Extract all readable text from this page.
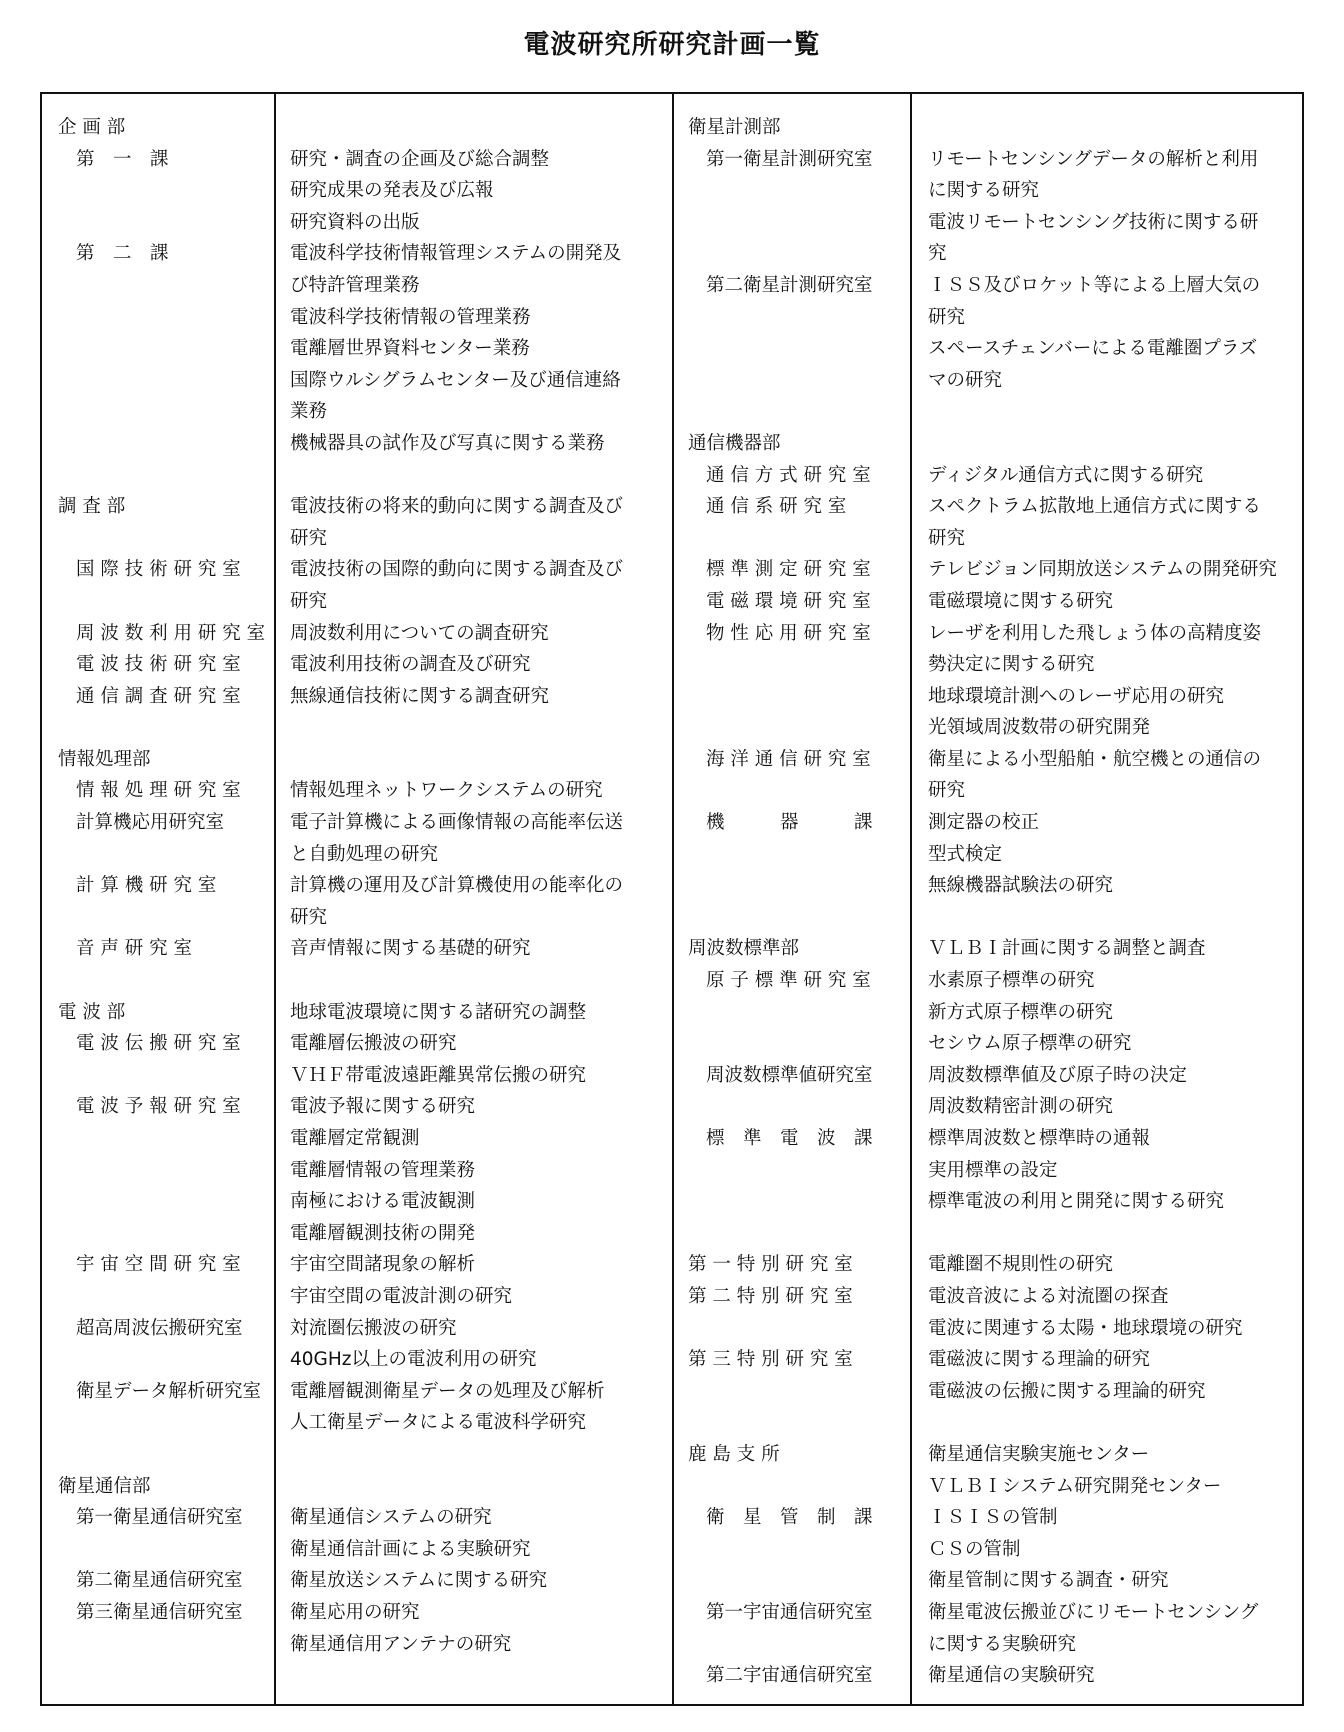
電波研究所研究計画一覧
企 画 部
第　一　課
第　二　課
調 査 部
国 際 技 術 研 究 室
周 波 数 利 用 研 究 室
電 波 技 術 研 究 室
通 信 調 査 研 究 室
情報処理部
情 報 処 理 研 究 室
計算機応用研究室
計 算 機 研 究 室
音 声 研 究 室
電 波 部
電 波 伝 搬 研 究 室
電 波 予 報 研 究 室
宇 宙 空 間 研 究 室
超高周波伝搬研究室
衛星データ解析研究室
衛星通信部
第一衛星通信研究室
第二衛星通信研究室
第三衛星通信研究室
研究・調査の企画及び総合調整
研究成果の発表及び広報
研究資料の出版
電波科学技術情報管理システムの開発及
び特許管理業務
電波科学技術情報の管理業務
電離層世界資料センター業務
国際ウルシグラムセンター及び通信連絡
業務
機械器具の試作及び写真に関する業務
電波技術の将来的動向に関する調査及び
研究
電波技術の国際的動向に関する調査及び
研究
周波数利用についての調査研究
電波利用技術の調査及び研究
無線通信技術に関する調査研究
情報処理ネットワークシステムの研究
電子計算機による画像情報の高能率伝送
と自動処理の研究
計算機の運用及び計算機使用の能率化の
研究
音声情報に関する基礎的研究
地球電波環境に関する諸研究の調整
電離層伝搬波の研究
ＶＨＦ帯電波遠距離異常伝搬の研究
電波予報に関する研究
電離層定常観測
電離層情報の管理業務
南極における電波観測
電離層観測技術の開発
宇宙空間諸現象の解析
宇宙空間の電波計測の研究
対流圏伝搬波の研究
40GHz以上の電波利用の研究
電離層観測衛星データの処理及び解析
人工衛星データによる電波科学研究
衛星通信システムの研究
衛星通信計画による実験研究
衛星放送システムに関する研究
衛星応用の研究
衛星通信用アンテナの研究
衛星計測部
第一衛星計測研究室
第二衛星計測研究室
通信機器部
通 信 方 式 研 究 室
通 信 系 研 究 室
標 準 測 定 研 究 室
電 磁 環 境 研 究 室
物 性 応 用 研 究 室
海 洋 通 信 研 究 室
機　　　器　　　課
周波数標準部
原 子 標 準 研 究 室
周波数標準値研究室
標　準　電　波　課
第 一 特 別 研 究 室
第 二 特 別 研 究 室
第 三 特 別 研 究 室
鹿 島 支 所
衛　星　管　制　課
第一宇宙通信研究室
第二宇宙通信研究室
リモートセンシングデータの解析と利用
に関する研究
電波リモートセンシング技術に関する研
究
ＩＳＳ及びロケット等による上層大気の
研究
スペースチェンバーによる電離圏プラズ
マの研究
ディジタル通信方式に関する研究
スペクトラム拡散地上通信方式に関する
研究
テレビジョン同期放送システムの開発研究
電磁環境に関する研究
レーザを利用した飛しょう体の高精度姿
勢決定に関する研究
地球環境計測へのレーザ応用の研究
光領域周波数帯の研究開発
衛星による小型船舶・航空機との通信の
研究
測定器の校正
型式検定
無線機器試験法の研究
ＶＬＢＩ計画に関する調整と調査
水素原子標準の研究
新方式原子標準の研究
セシウム原子標準の研究
周波数標準値及び原子時の決定
周波数精密計測の研究
標準周波数と標準時の通報
実用標準の設定
標準電波の利用と開発に関する研究
電離圏不規則性の研究
電波音波による対流圏の探査
電波に関連する太陽・地球環境の研究
電磁波に関する理論的研究
電磁波の伝搬に関する理論的研究
衛星通信実験実施センター
ＶＬＢＩシステム研究開発センター
ＩＳＩＳの管制
ＣＳの管制
衛星管制に関する調査・研究
衛星電波伝搬並びにリモートセンシング
に関する実験研究
衛星通信の実験研究
